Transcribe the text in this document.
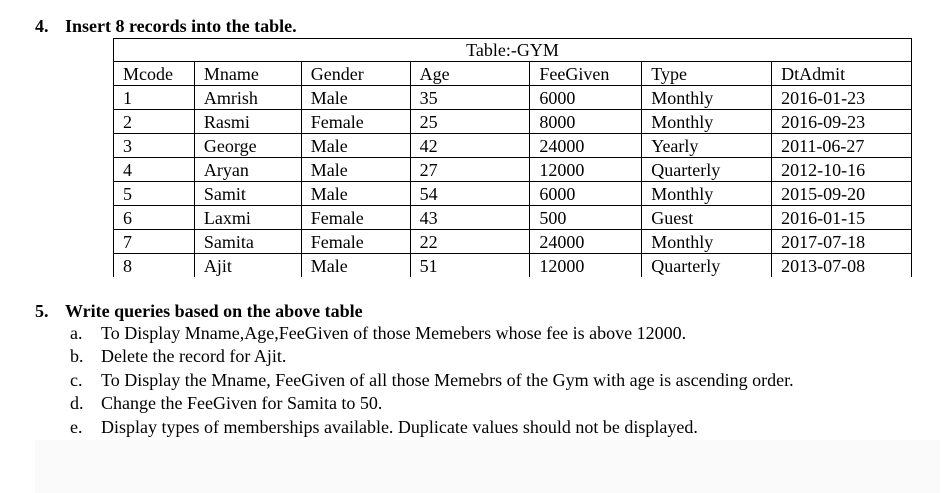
4. Insert 8 records into the table.
Table:-GYM						
Mcode	Mname	Gender	Age	FeeGiven	Type	DtAdmit
1	Amrish	Male	35	6000	Monthly	2016-01-23
2	Rasmi	Female	25	8000	Monthly	2016-09-23
3	George	Male	42	24000	Yearly	2011-06-27
4	Aryan	Male	27	12000	Quarterly	2012-10-16
5	Samit	Male	54	6000	Monthly	2015-09-20
6	Laxmi	Female	43	500	Guest	2016-01-15
7	Samita	Female	22	24000	Monthly	2017-07-18
8	Ajit	Male	51	12000	Quarterly	2013-07-08
5. Write queries based on the above table
a. To Display Mname,Age,FeeGiven of those Memebers whose fee is above 12000.
b. Delete the record for Ajit.
c. To Display the Mname, FeeGiven of all those Memebrs of the Gym with age is ascending order.
d. Change the FeeGiven for Samita to 50.
e. Display types of memberships available. Duplicate values should not be displayed.
